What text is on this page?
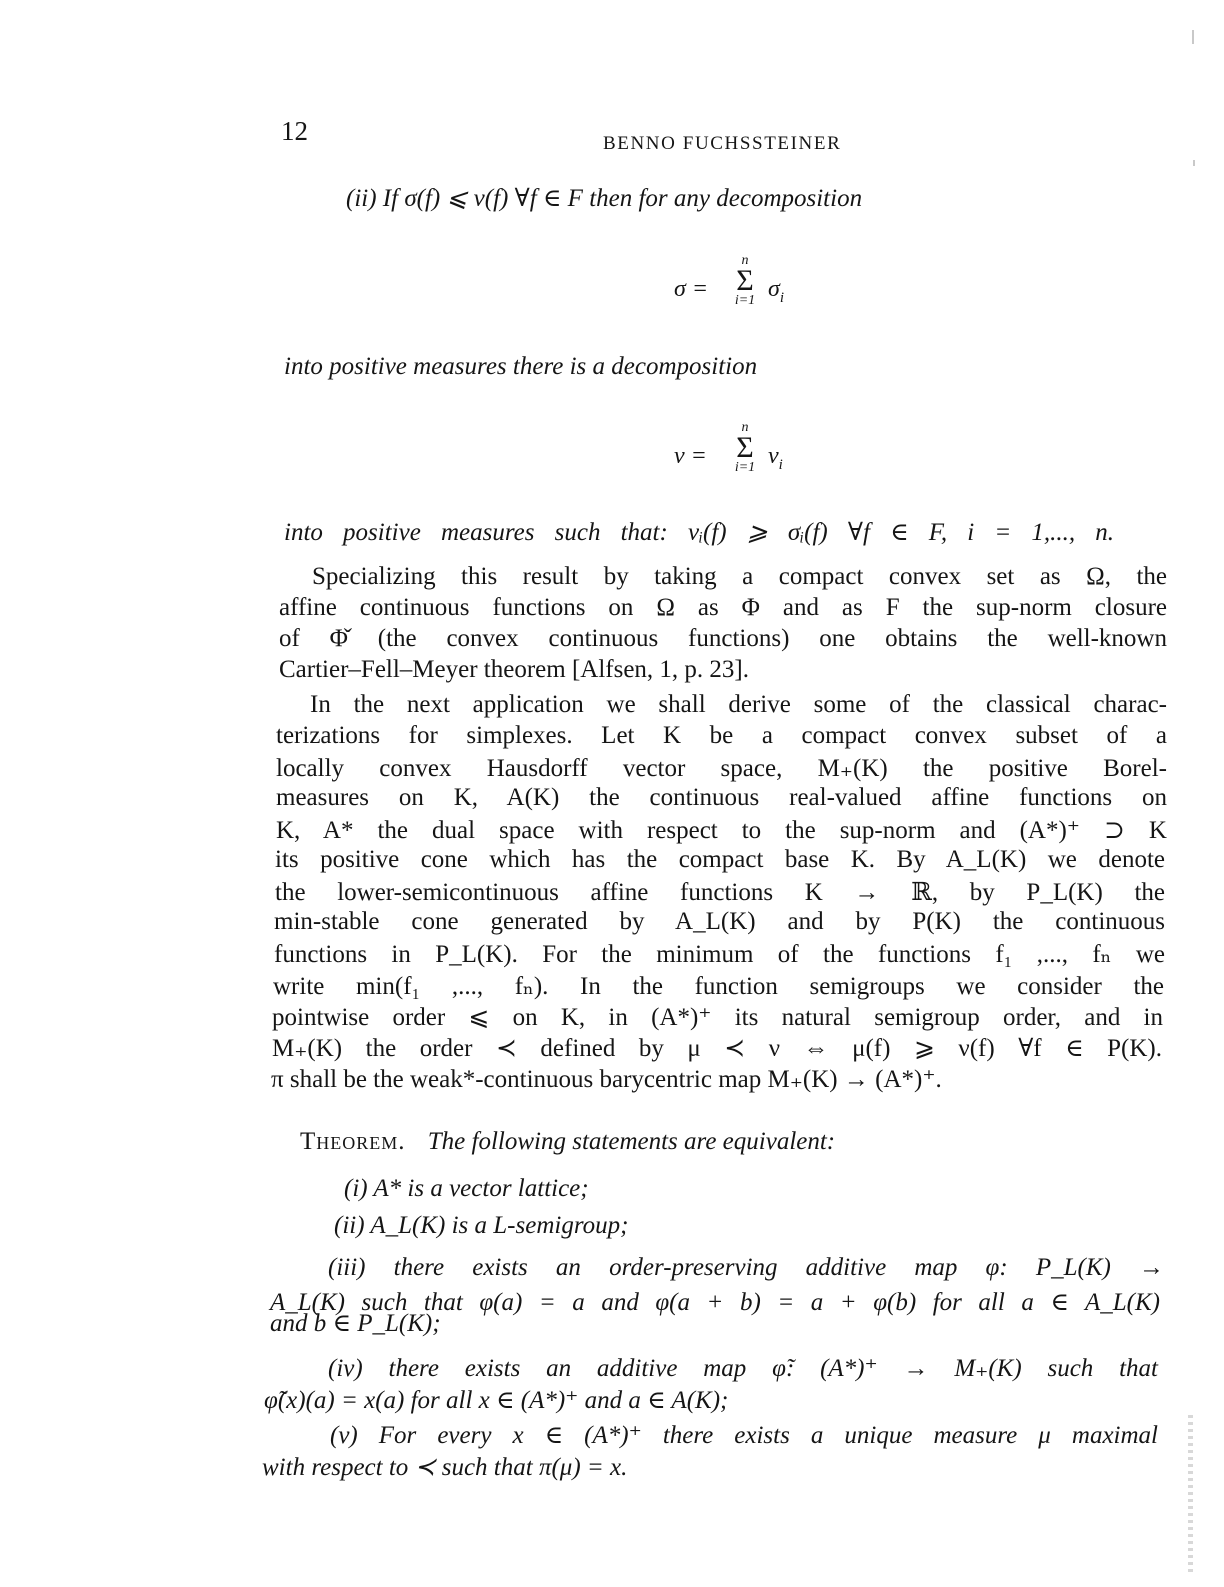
12	BENNO FUCHSSTEINER
(ii) If σ(f) ⩽ ν(f) ∀f ∈ F then for any decomposition
σ =
n
Σ
i=1 $\sigma_i$
into positive measures there is a decomposition
ν =
n
Σ
i=1 $\nu_i$
into positive measures such that: νᵢ(f) ⩾ σᵢ(f) ∀f ∈ F, i = 1,..., n.
Specializing this result by taking a compact convex set as Ω, the
affine continuous functions on Ω as Φ and as F the sup-norm closure
of Φ̌ (the convex continuous functions) one obtains the well-known
Cartier–Fell–Meyer theorem [Alfsen, 1, p. 23].
In the next application we shall derive some of the classical charac-
terizations for simplexes. Let K be a compact convex subset of a
locally convex Hausdorff vector space, M₊(K) the positive Borel-
measures on K, A(K) the continuous real-valued affine functions on
K, A* the dual space with respect to the sup-norm and (A*)⁺ ⊃ K
its positive cone which has the compact base K. By A_L(K) we denote
the lower-semicontinuous affine functions K → ℝ, by P_L(K) the
min-stable cone generated by A_L(K) and by P(K) the continuous
functions in P_L(K). For the minimum of the functions f₁ ,..., fₙ we
write min(f₁ ,..., fₙ). In the function semigroups we consider the
pointwise order ⩽ on K, in (A*)⁺ its natural semigroup order, and in
M₊(K) the order ≺ defined by μ ≺ ν ⇔ μ(f) ⩾ ν(f) ∀f ∈ P(K).
π shall be the weak*-continuous barycentric map M₊(K) → (A*)⁺.
Theorem. The following statements are equivalent:
(i) A* is a vector lattice;
(ii) A_L(K) is a L-semigroup;
(iii) there exists an order-preserving additive map φ: P_L(K) →
A_L(K) such that φ(a) = a and φ(a + b) = a + φ(b) for all a ∈ A_L(K)
and b ∈ P_L(K);
(iv) there exists an additive map φ̃: (A*)⁺ → M₊(K) such that
φ̃(x)(a) = x(a) for all x ∈ (A*)⁺ and a ∈ A(K);
(v) For every x ∈ (A*)⁺ there exists a unique measure μ maximal
with respect to ≺ such that π(μ) = x.
